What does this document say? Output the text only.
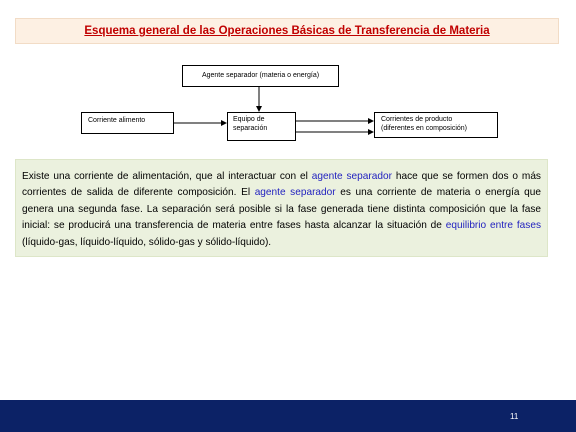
Esquema general de las Operaciones Básicas de Transferencia de Materia
Agente separador (materia o energía)
Corriente alimento	Equipo de
separación
Corrientes de producto
(diferentes en composición)
Existe una corriente de alimentación, que al interactuar con el agente separador hace que se formen dos o más corrientes de salida de diferente composición. El agente separador es una corriente de materia o energía que genera una segunda fase. La separación será posible si la fase generada tiene distinta composición que la fase inicial: se producirá una transferencia de materia entre fases hasta alcanzar la situación de equilibrio entre fases (líquido-gas, líquido-líquido, sólido-gas y sólido-líquido).
11
